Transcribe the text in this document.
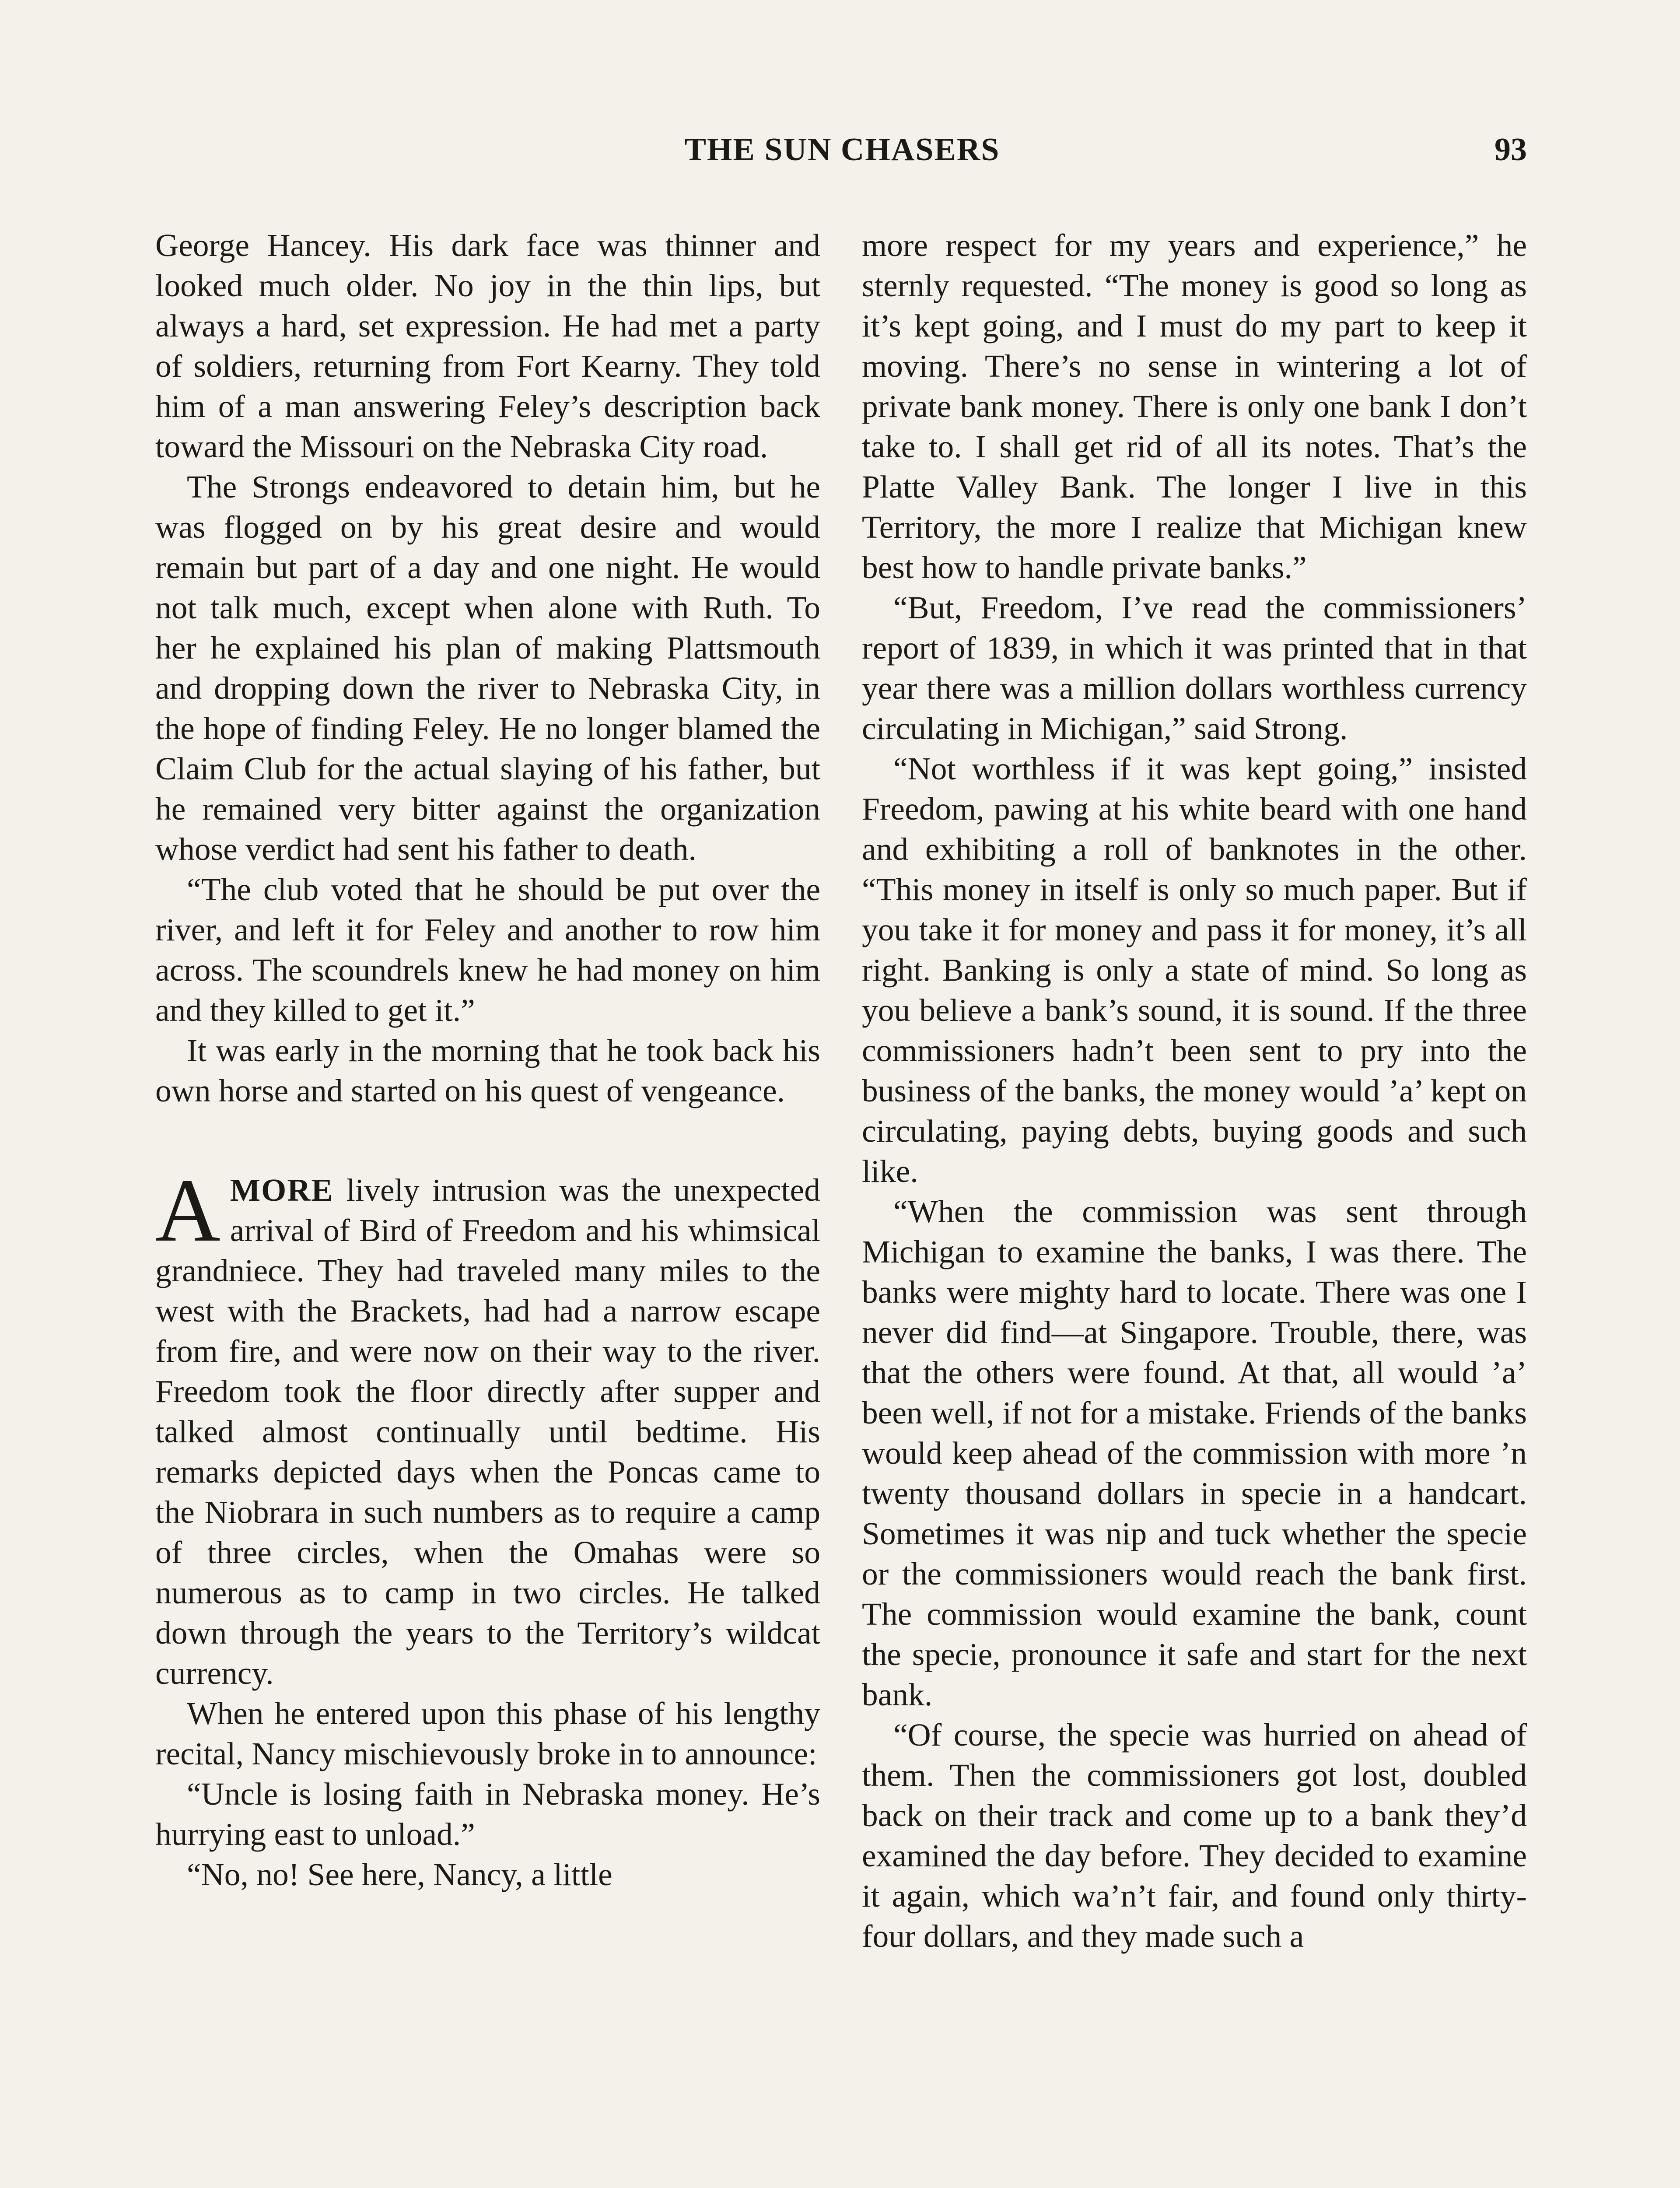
THE SUN CHASERS	93

George Hancey. His dark face was thinner and looked much older. No joy in the thin lips, but always a hard, set expression. He had met a party of soldiers, returning from Fort Kearny. They told him of a man answering Feley’s description back toward the Missouri on the Nebraska City road.

The Strongs endeavored to detain him, but he was flogged on by his great desire and would remain but part of a day and one night. He would not talk much, except when alone with Ruth. To her he explained his plan of making Plattsmouth and dropping down the river to Nebraska City, in the hope of finding Feley. He no longer blamed the Claim Club for the actual slaying of his father, but he remained very bitter against the organization whose verdict had sent his father to death.

“The club voted that he should be put over the river, and left it for Feley and another to row him across. The scoundrels knew he had money on him and they killed to get it.”

It was early in the morning that he took back his own horse and started on his quest of vengeance.

AMORE lively intrusion was the unexpected arrival of Bird of Freedom and his whimsical grandniece. They had traveled many miles to the west with the Brackets, had had a narrow escape from fire, and were now on their way to the river. Freedom took the floor directly after supper and talked almost continually until bedtime. His remarks depicted days when the Poncas came to the Niobrara in such numbers as to require a camp of three circles, when the Omahas were so numerous as to camp in two circles. He talked down through the years to the Territory’s wildcat currency.

When he entered upon this phase of his lengthy recital, Nancy mischievously broke in to announce:

“Uncle is losing faith in Nebraska money. He’s hurrying east to unload.”

“No, no! See here, Nancy, a little

more respect for my years and experience,” he sternly requested. “The money is good so long as it’s kept going, and I must do my part to keep it moving. There’s no sense in wintering a lot of private bank money. There is only one bank I don’t take to. I shall get rid of all its notes. That’s the Platte Valley Bank. The longer I live in this Territory, the more I realize that Michigan knew best how to handle private banks.”

“But, Freedom, I’ve read the commissioners’ report of 1839, in which it was printed that in that year there was a million dollars worthless currency circulating in Michigan,” said Strong.

“Not worthless if it was kept going,” insisted Freedom, pawing at his white beard with one hand and exhibiting a roll of banknotes in the other. “This money in itself is only so much paper. But if you take it for money and pass it for money, it’s all right. Banking is only a state of mind. So long as you believe a bank’s sound, it is sound. If the three commissioners hadn’t been sent to pry into the business of the banks, the money would ’a’ kept on circulating, paying debts, buying goods and such like.

“When the commission was sent through Michigan to examine the banks, I was there. The banks were mighty hard to locate. There was one I never did find—at Singapore. Trouble, there, was that the others were found. At that, all would ’a’ been well, if not for a mistake. Friends of the banks would keep ahead of the commission with more ’n twenty thousand dollars in specie in a handcart. Sometimes it was nip and tuck whether the specie or the commissioners would reach the bank first. The commission would examine the bank, count the specie, pronounce it safe and start for the next bank.

“Of course, the specie was hurried on ahead of them. Then the commissioners got lost, doubled back on their track and come up to a bank they’d examined the day before. They decided to examine it again, which wa’n’t fair, and found only thirty-four dollars, and they made such a
